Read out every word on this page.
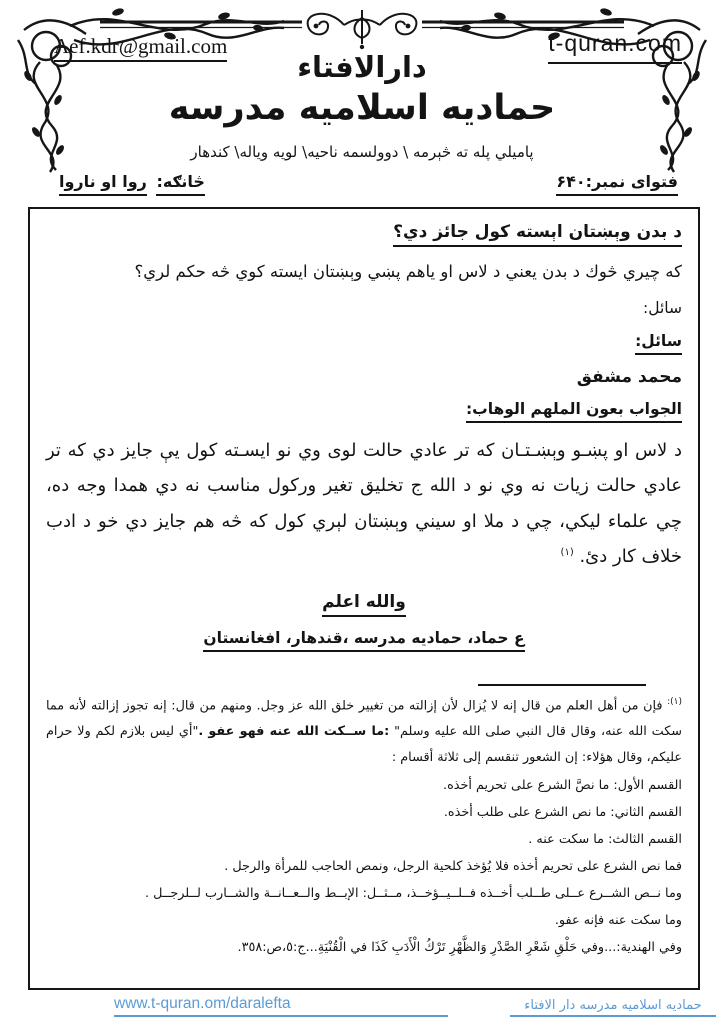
Aef.kdr@gmail.com	t-quran.com
دارالافتاء
حماديه اسلاميه مدرسه
پاميلي پله ته څېرمه \ دوولسمه ناحيه\ لويه وياله\ كندهار
څانګه: روا او ناروا	فتواى نمبر:۶۴۰
د بدن وېښتان اېسته كول جائز دي؟

كه چيري څوك د بدن يعني د لاس او ياهم پښي وېښتان ايسته كوي څه حكم لري؟

سائل:
سائل:
محمد مشفق
الجواب بعون الملهم الوهاب:

د لاس او پښـو وېښـتـان كه تر عادي حالت لوى وي نو ايسـته كول يې جايز دي كه تر عادي حالت زيات نه وي نو د الله ج تخليق تغير وركول مناسب نه دي همدا وجه ده، چي علماء ليكي، چي د ملا او سيني وېښتان لېري كول كه څه هم جايز دي خو د ادب خلاف كار دئ. $^{(١)}$

والله اعلم
ع حماد، حماديه مدرسه ،قندهار، افغانستان

$^{(١):}$ فإن من أهل العلم من قال إنه لا يُزال لأن إزالته من تغيير خلق الله عز وجل. ومنهم من قال: إنه تجوز إزالته لأنه مما سكت الله عنه، وقال قال النبي صلى الله عليه وسلم" :ما ســكت الله عنه فهو عفو ."أي ليس بلازم لكم ولا حرام عليكم، وقال هؤلاء: إن الشعور تنقسم إلى ثلاثة أقسام :

القسم الأول: ما نصَّ الشرع على تحريم أخذه.

القسم الثاني: ما نص الشرع على طلب أخذه.

القسم الثالث: ما سكت عنه .

فما نص الشرع على تحريم أخذه فلا يُؤخذ كلحية الرجل، ونمص الحاجب للمرأة والرجل .

وما نــص الشــرع عــلى طــلب أخــذه فــلــيــؤخــذ، مــثــل: الإبــط والــعــانــة والشــارب لــلرجــل .

وما سكت عنه فإنه عفو.

وفي الهندية:...وفي حَلْقِ شَعْرِ الصَّدْرِ وَالظَّهْرِ تَرْكُ الْأَدَبِ كَذَا في الْقُنْيَةِ...ج:٥،ص:٣٥٨.

www.t-quran.om/daralefta	حماديه اسلاميه مدرسه دار الافتاء
